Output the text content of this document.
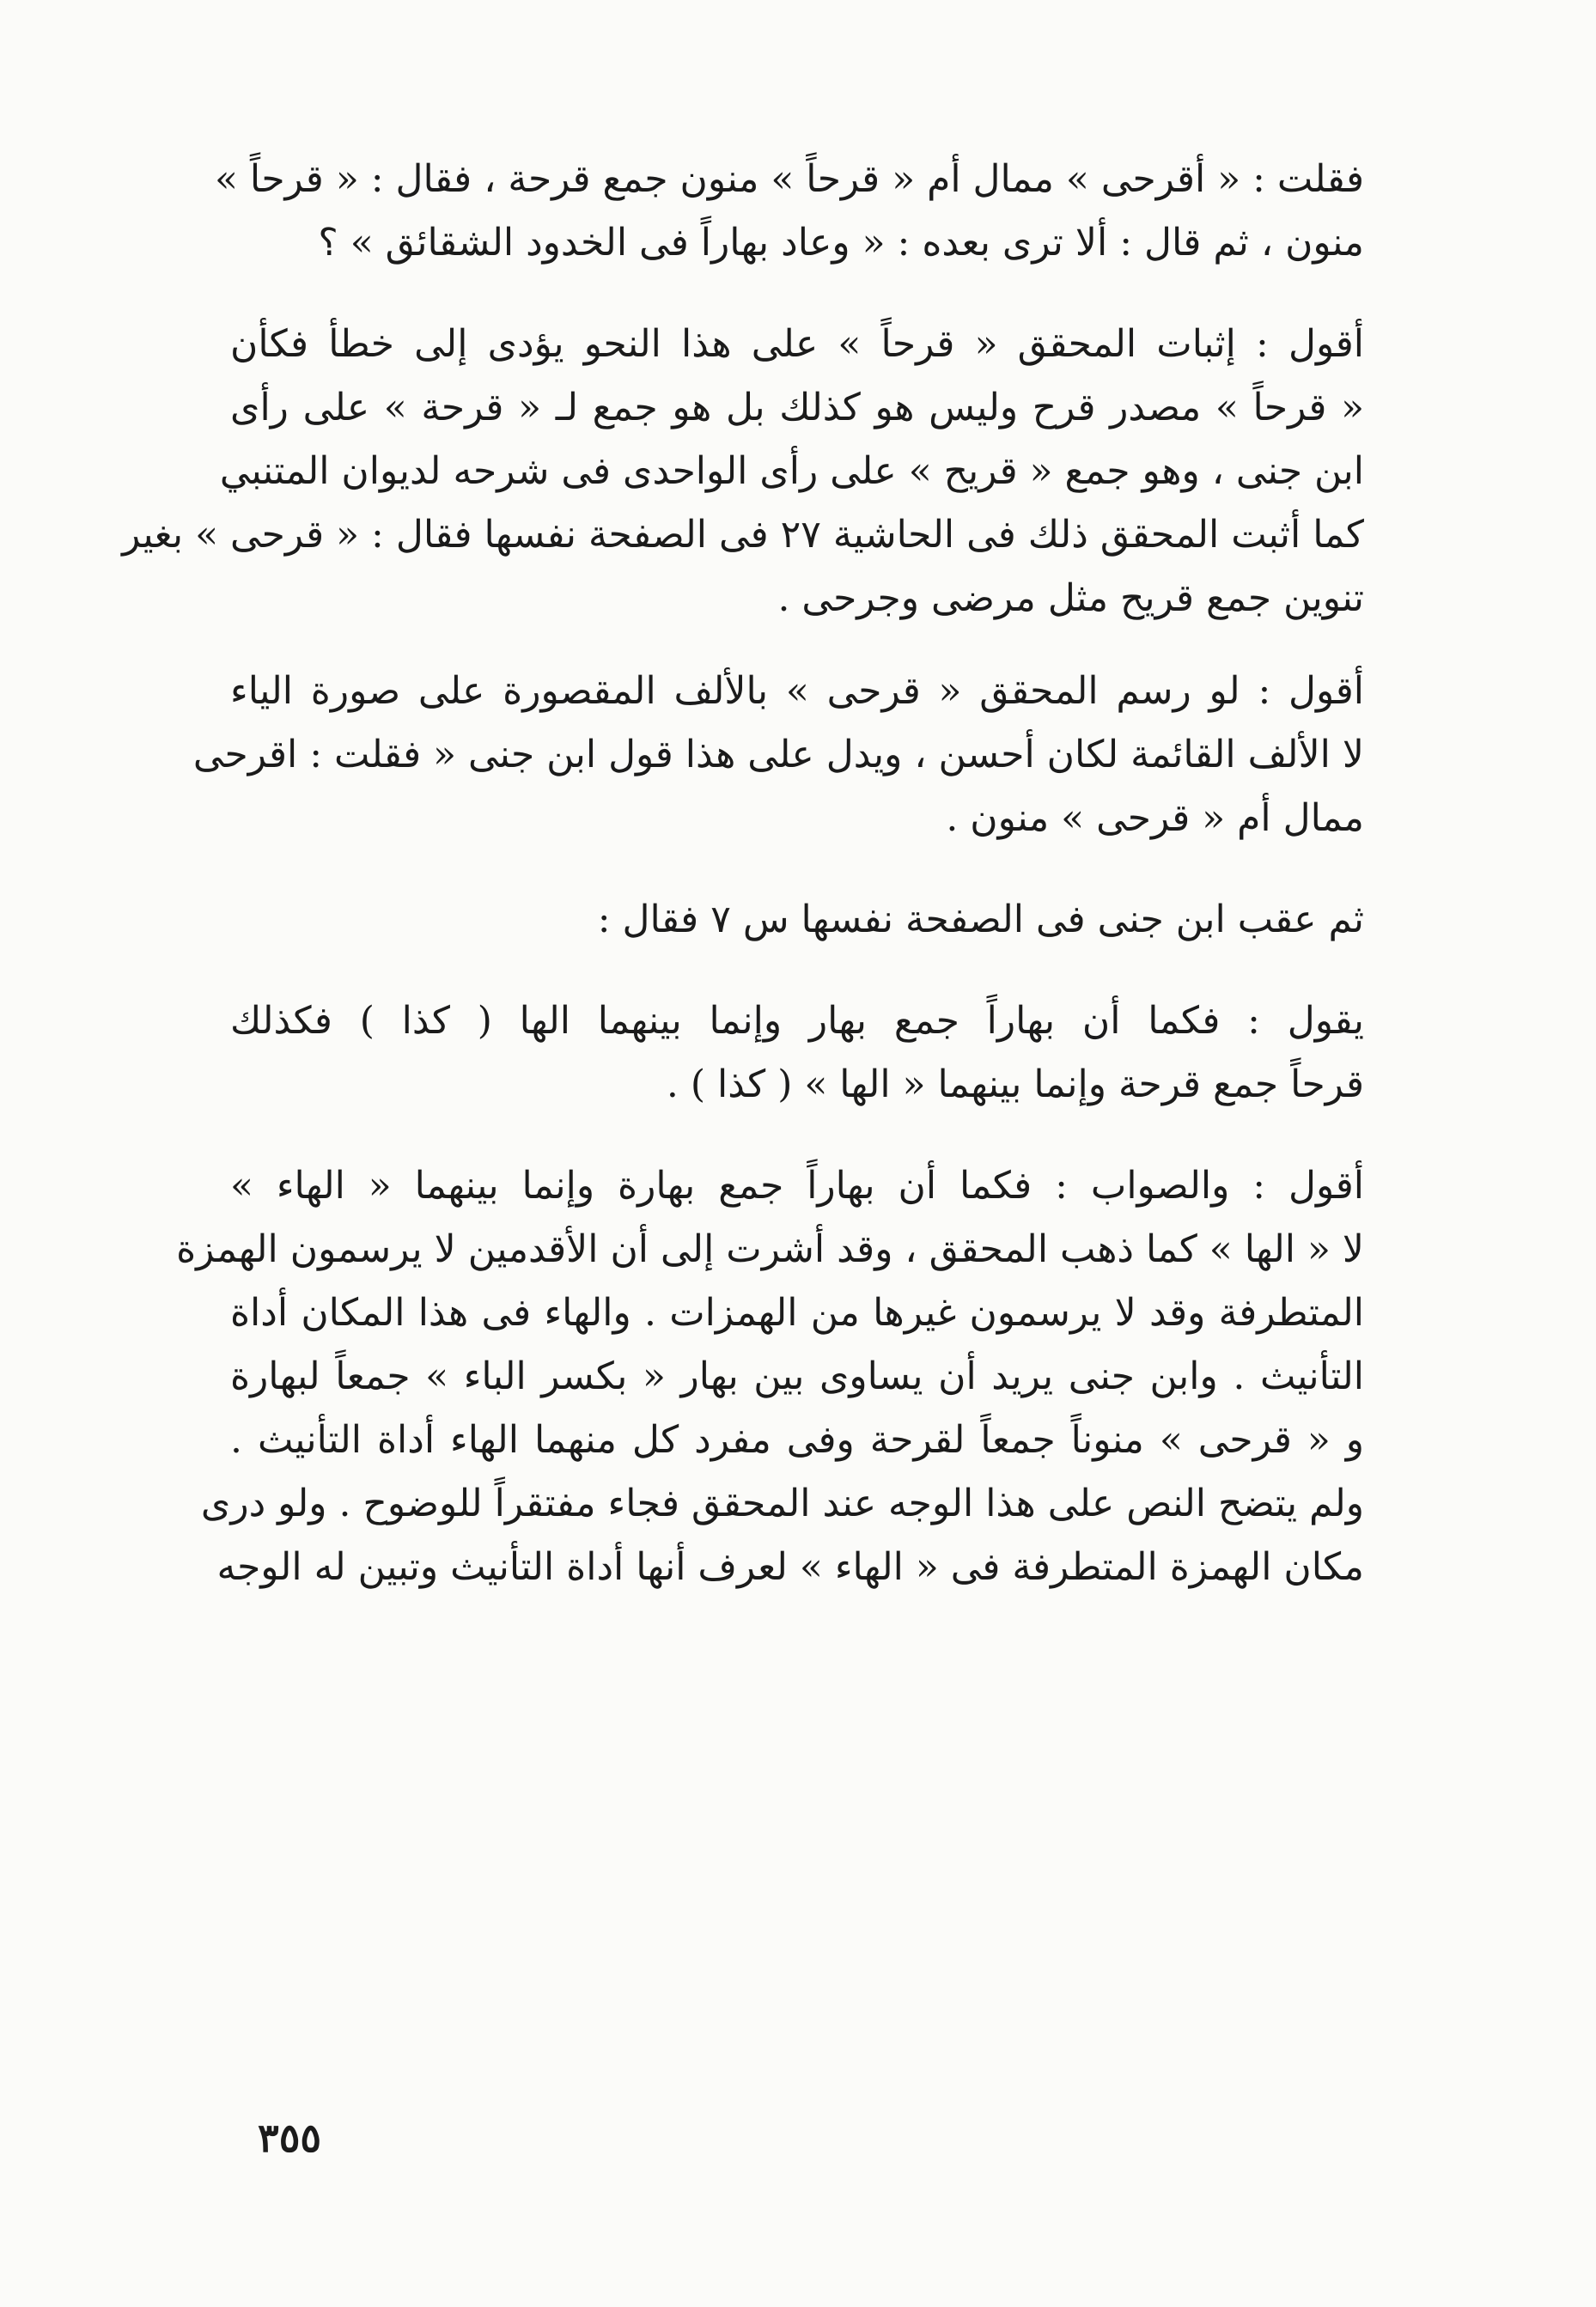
فقلت : « أقرحى » ممال أم « قرحاً » منون جمع قرحة ، فقال : « قرحاً »
منون ، ثم قال : ألا ترى بعده : « وعاد بهاراً فى الخدود الشقائق » ؟
أقول : إثبات المحقق « قرحاً » على هذا النحو يؤدى إلى خطأ فكأن
« قرحاً » مصدر قرح وليس هو كذلك بل هو جمع لـ « قرحة » على رأى
ابن جنى ، وهو جمع « قريح » على رأى الواحدى فى شرحه لديوان المتنبي
كما أثبت المحقق ذلك فى الحاشية ٢٧ فى الصفحة نفسها فقال : « قرحى » بغير
تنوين جمع قريح مثل مرضى وجرحى .
أقول : لو رسم المحقق « قرحى » بالألف المقصورة على صورة الياء
لا الألف القائمة لكان أحسن ، ويدل على هذا قول ابن جنى « فقلت : اقرحى
ممال أم « قرحى » منون .
ثم عقب ابن جنى فى الصفحة نفسها س ٧ فقال :
يقول : فكما أن بهاراً جمع بهار وإنما بينهما الها ( كذا ) فكذلك
قرحاً جمع قرحة وإنما بينهما « الها » ( كذا ) .
أقول : والصواب : فكما أن بهاراً جمع بهارة وإنما بينهما « الهاء »
لا « الها » كما ذهب المحقق ، وقد أشرت إلى أن الأقدمين لا يرسمون الهمزة
المتطرفة وقد لا يرسمون غيرها من الهمزات . والهاء فى هذا المكان أداة
التأنيث . وابن جنى يريد أن يساوى بين بهار « بكسر الباء » جمعاً لبهارة
و « قرحى » منوناً جمعاً لقرحة وفى مفرد كل منهما الهاء أداة التأنيث .
ولم يتضح النص على هذا الوجه عند المحقق فجاء مفتقراً للوضوح . ولو درى
مكان الهمزة المتطرفة فى « الهاء » لعرف أنها أداة التأنيث وتبين له الوجه
٣٥٥
